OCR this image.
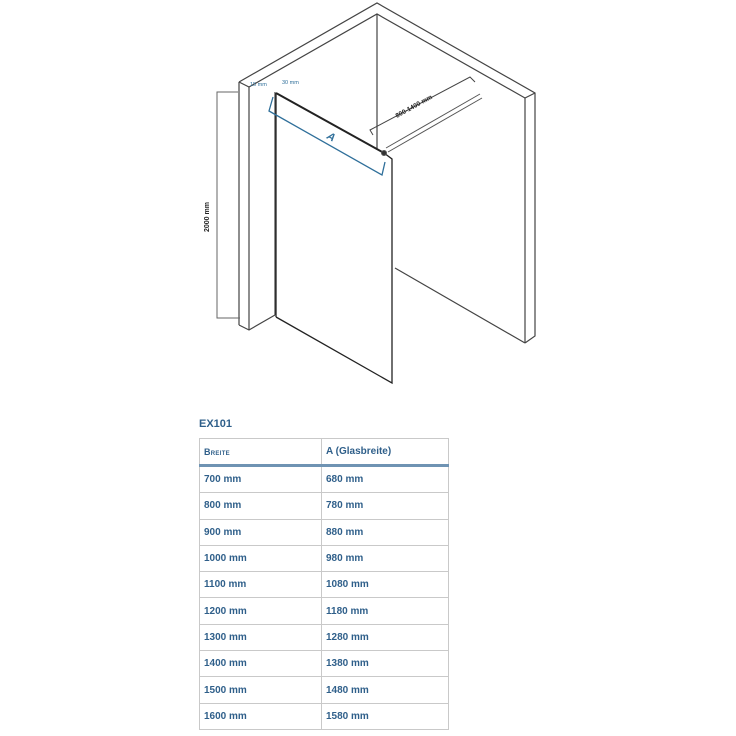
15 mm	30 mm
2000 mm
A
800-1400 mm
EX101
Breite	A (Glasbreite)
700 mm	680 mm
800 mm	780 mm
900 mm	880 mm
1000 mm	980 mm
1100 mm	1080 mm
1200 mm	1180 mm
1300 mm	1280 mm
1400 mm	1380 mm
1500 mm	1480 mm
1600 mm	1580 mm
